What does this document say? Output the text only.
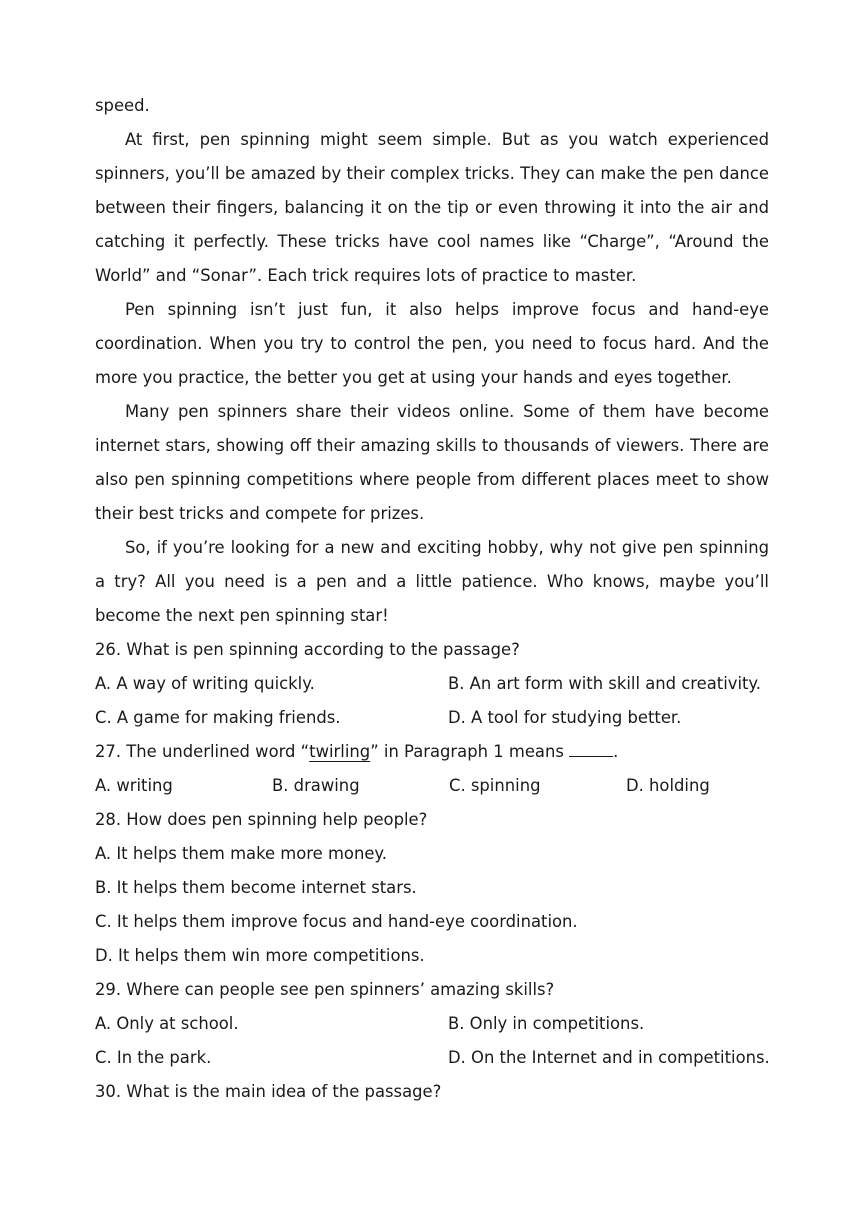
speed.

At first, pen spinning might seem simple. But as you watch experienced spinners, you’ll be amazed by their complex tricks. They can make the pen dance between their fingers, balancing it on the tip or even throwing it into the air and catching it perfectly. These tricks have cool names like “Charge”, “Around the World” and “Sonar”. Each trick requires lots of practice to master.

Pen spinning isn’t just fun, it also helps improve focus and hand-eye coordination. When you try to control the pen, you need to focus hard. And the more you practice, the better you get at using your hands and eyes together.

Many pen spinners share their videos online. Some of them have become internet stars, showing off their amazing skills to thousands of viewers. There are also pen spinning competitions where people from different places meet to show their best tricks and compete for prizes.

So, if you’re looking for a new and exciting hobby, why not give pen spinning a try? All you need is a pen and a little patience. Who knows, maybe you’ll become the next pen spinning star!

26. What is pen spinning according to the passage?

A. A way of writing quickly.	B. An art form with skill and creativity.
C. A game for making friends.	D. A tool for studying better.

27. The underlined word “twirling” in Paragraph 1 means	.

A. writing	B. drawing	C. spinning	D. holding

28. How does pen spinning help people?

A. It helps them make more money.

B. It helps them become internet stars.

C. It helps them improve focus and hand-eye coordination.

D. It helps them win more competitions.

29. Where can people see pen spinners’ amazing skills?

A. Only at school.	B. Only in competitions.
C. In the park.	D. On the Internet and in competitions.

30. What is the main idea of the passage?
